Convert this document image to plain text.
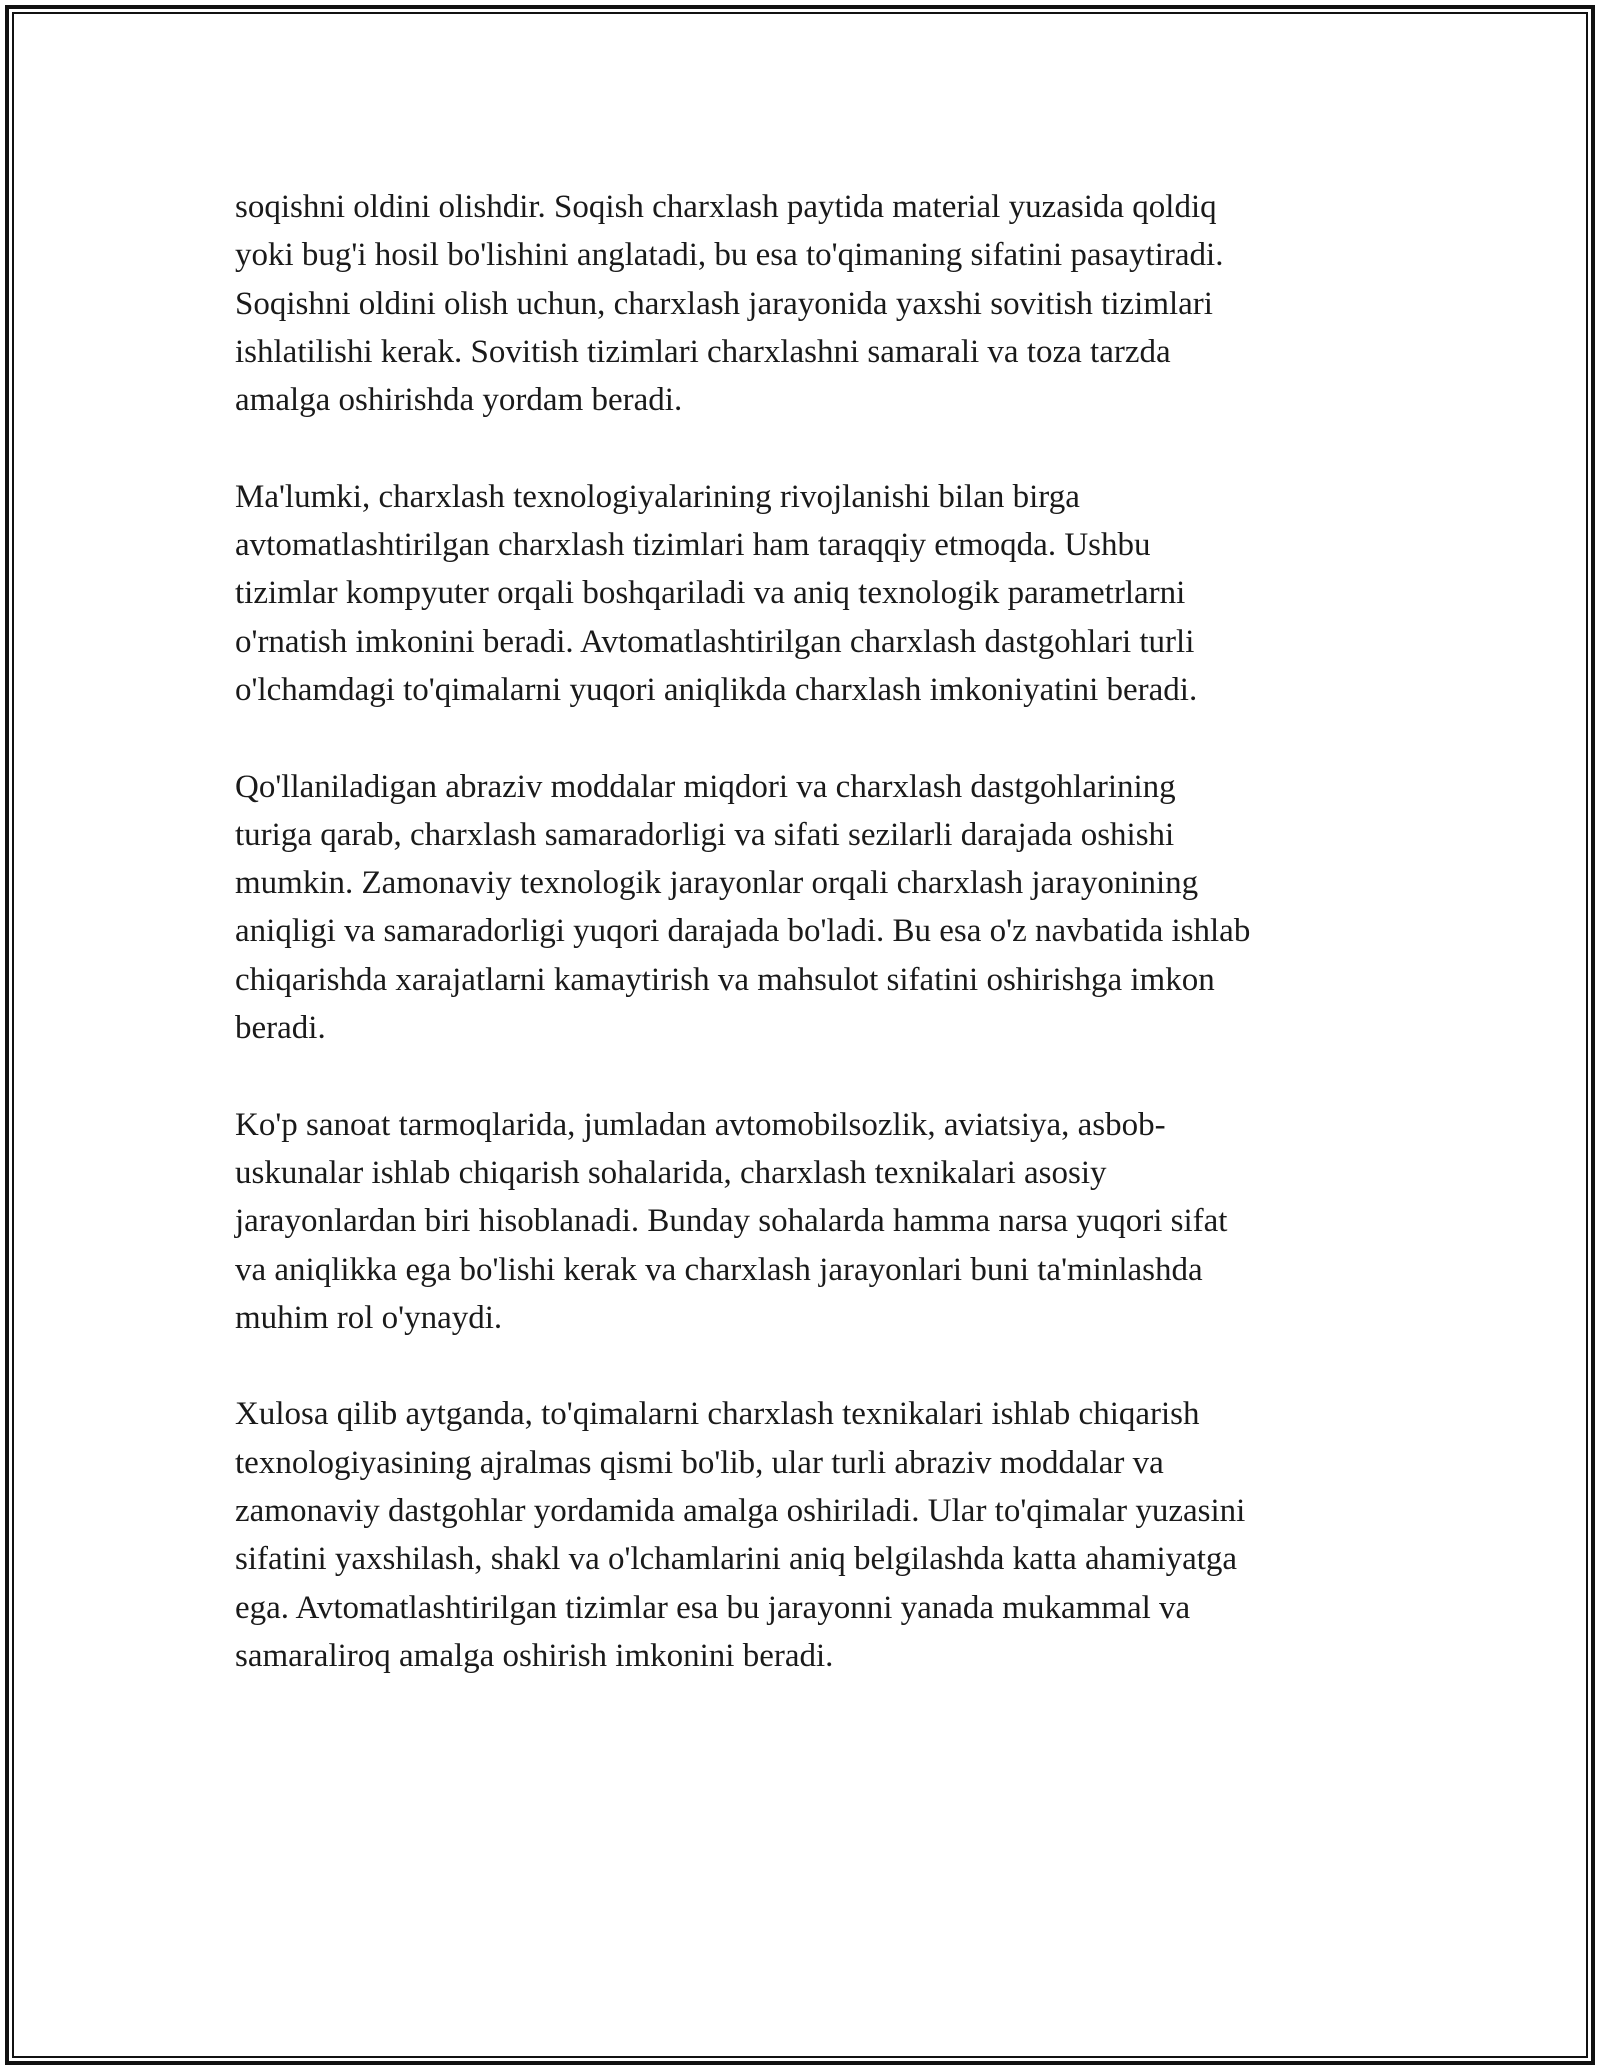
soqishni oldini olishdir. Soqish charxlash paytida material yuzasida qoldiq
yoki bug'i hosil bo'lishini anglatadi, bu esa to'qimaning sifatini pasaytiradi.
Soqishni oldini olish uchun, charxlash jarayonida yaxshi sovitish tizimlari
ishlatilishi kerak. Sovitish tizimlari charxlashni samarali va toza tarzda
amalga oshirishda yordam beradi.

Ma'lumki, charxlash texnologiyalarining rivojlanishi bilan birga
avtomatlashtirilgan charxlash tizimlari ham taraqqiy etmoqda. Ushbu
tizimlar kompyuter orqali boshqariladi va aniq texnologik parametrlarni
o'rnatish imkonini beradi. Avtomatlashtirilgan charxlash dastgohlari turli
o'lchamdagi to'qimalarni yuqori aniqlikda charxlash imkoniyatini beradi.

Qo'llaniladigan abraziv moddalar miqdori va charxlash dastgohlarining
turiga qarab, charxlash samaradorligi va sifati sezilarli darajada oshishi
mumkin. Zamonaviy texnologik jarayonlar orqali charxlash jarayonining
aniqligi va samaradorligi yuqori darajada bo'ladi. Bu esa o'z navbatida ishlab
chiqarishda xarajatlarni kamaytirish va mahsulot sifatini oshirishga imkon
beradi.

Ko'p sanoat tarmoqlarida, jumladan avtomobilsozlik, aviatsiya, asbob-
uskunalar ishlab chiqarish sohalarida, charxlash texnikalari asosiy
jarayonlardan biri hisoblanadi. Bunday sohalarda hamma narsa yuqori sifat
va aniqlikka ega bo'lishi kerak va charxlash jarayonlari buni ta'minlashda
muhim rol o'ynaydi.

Xulosa qilib aytganda, to'qimalarni charxlash texnikalari ishlab chiqarish
texnologiyasining ajralmas qismi bo'lib, ular turli abraziv moddalar va
zamonaviy dastgohlar yordamida amalga oshiriladi. Ular to'qimalar yuzasini
sifatini yaxshilash, shakl va o'lchamlarini aniq belgilashda katta ahamiyatga
ega. Avtomatlashtirilgan tizimlar esa bu jarayonni yanada mukammal va
samaraliroq amalga oshirish imkonini beradi.
